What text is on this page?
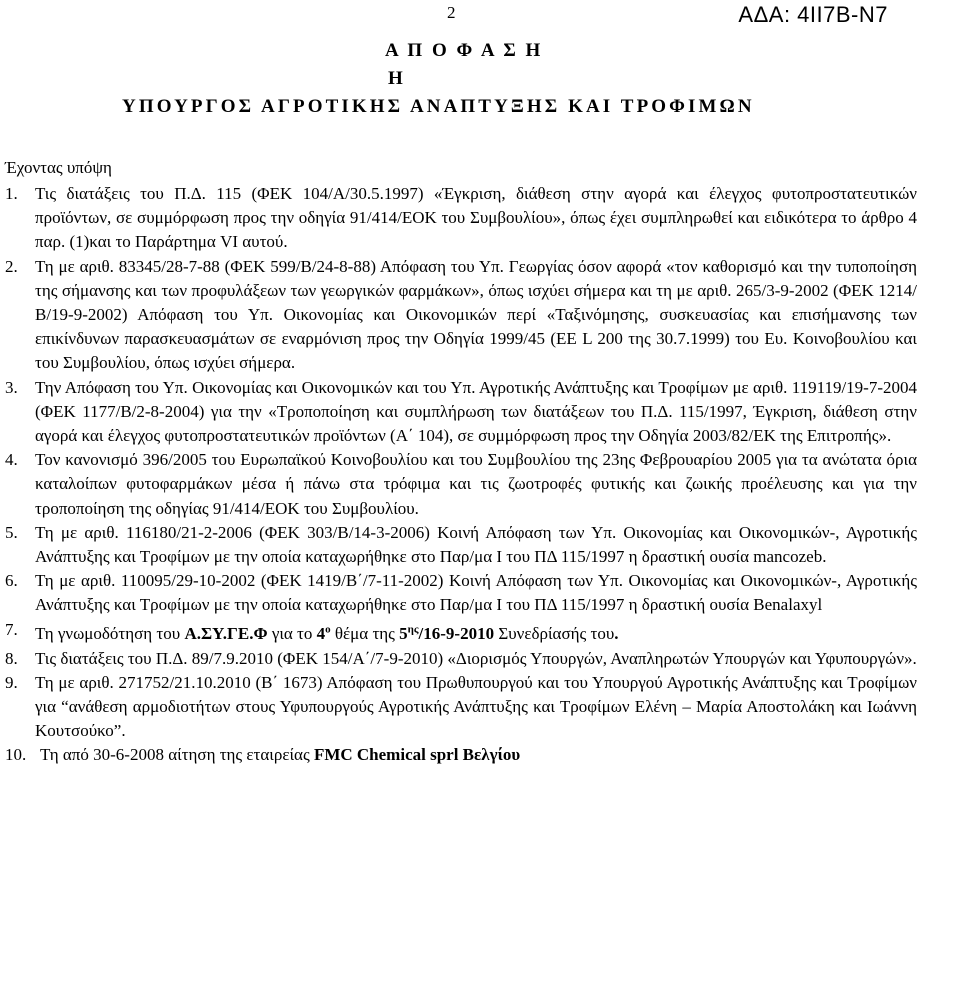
2	ΑΔΑ: 4ΙΙ7Β-Ν7
Α Π Ο Φ Α Σ Η
Η
ΥΠΟΥΡΓΟΣ ΑΓΡΟΤΙΚΗΣ ΑΝΑΠΤΥΞΗΣ ΚΑΙ ΤΡΟΦΙΜΩΝ
Έχοντας υπόψη
1. Τις διατάξεις του Π.Δ. 115 (ΦΕΚ 104/Α/30.5.1997) «Έγκριση, διάθεση στην αγορά και έλεγχος φυτοπροστατευτικών προϊόντων, σε συμμόρφωση προς την οδηγία 91/414/ΕΟΚ του Συμβουλίου», όπως έχει συμπληρωθεί και ειδικότερα το άρθρο 4 παρ. (1)και το Παράρτημα VI αυτού.
2. Τη με αριθ. 83345/28-7-88 (ΦΕΚ 599/Β/24-8-88) Απόφαση του Υπ. Γεωργίας όσον αφορά «τον καθορισμό και την τυποποίηση της σήμανσης και των προφυλάξεων των γεωργικών φαρμάκων», όπως ισχύει σήμερα και τη με αριθ. 265/3-9-2002 (ΦΕΚ 1214/Β/19-9-2002) Απόφαση του Υπ. Οικονομίας και Οικονομικών περί «Ταξινόμησης, συσκευασίας και επισήμανσης των επικίνδυνων παρασκευασμάτων σε εναρμόνιση προς την Οδηγία 1999/45 (ΕΕ L 200 της 30.7.1999) του Ευ. Κοινοβουλίου και του Συμβουλίου, όπως ισχύει σήμερα.
3. Την Απόφαση του Υπ. Οικονομίας και Οικονομικών και του Υπ. Αγροτικής Ανάπτυξης και Τροφίμων με αριθ. 119119/19-7-2004 (ΦΕΚ 1177/Β/2-8-2004) για την «Τροποποίηση και συμπλήρωση των διατάξεων του Π.Δ. 115/1997, Έγκριση, διάθεση στην αγορά και έλεγχος φυτοπροστατευτικών προϊόντων (Α΄ 104), σε συμμόρφωση προς την Οδηγία 2003/82/ΕΚ της Επιτροπής».
4. Τον κανονισμό 396/2005 του Ευρωπαϊκού Κοινοβουλίου και του Συμβουλίου της 23ης Φεβρουαρίου 2005 για τα ανώτατα όρια καταλοίπων φυτοφαρμάκων μέσα ή πάνω στα τρόφιμα και τις ζωοτροφές φυτικής και ζωικής προέλευσης και για την τροποποίηση της οδηγίας 91/414/ΕΟΚ του Συμβουλίου.
5. Τη με αριθ. 116180/21-2-2006 (ΦΕΚ 303/Β/14-3-2006) Κοινή Απόφαση των Υπ. Οικονομίας και Οικονομικών-, Αγροτικής Ανάπτυξης και Τροφίμων με την οποία καταχωρήθηκε στο Παρ/μα Ι του ΠΔ 115/1997 η δραστική ουσία mancozeb.
6. Τη με αριθ. 110095/29-10-2002 (ΦΕΚ 1419/Β΄/7-11-2002) Κοινή Απόφαση των Υπ. Οικονομίας και Οικονομικών-, Αγροτικής Ανάπτυξης και Τροφίμων με την οποία καταχωρήθηκε στο Παρ/μα Ι του ΠΔ 115/1997 η δραστική ουσία Benalaxyl
7. Τη γνωμοδότηση του Α.ΣΥ.ΓΕ.Φ για το $4^o$ θέμα της $5^{\eta\varsigma}/16-9-2010$ Συνεδρίασής του.
8. Τις διατάξεις του Π.Δ. 89/7.9.2010 (ΦΕΚ 154/Α΄/7-9-2010) «Διορισμός Υπουργών, Αναπληρωτών Υπουργών και Υφυπουργών».
9. Τη με αριθ. 271752/21.10.2010 (Β΄ 1673) Απόφαση του Πρωθυπουργού και του Υπουργού Αγροτικής Ανάπτυξης και Τροφίμων για “ανάθεση αρμοδιοτήτων στους Υφυπουργούς Αγροτικής Ανάπτυξης και Τροφίμων Ελένη – Μαρία Αποστολάκη και Ιωάννη Κουτσούκο”.
10. Τη από 30-6-2008 αίτηση της εταιρείας FMC Chemical sprl Βελγίου
